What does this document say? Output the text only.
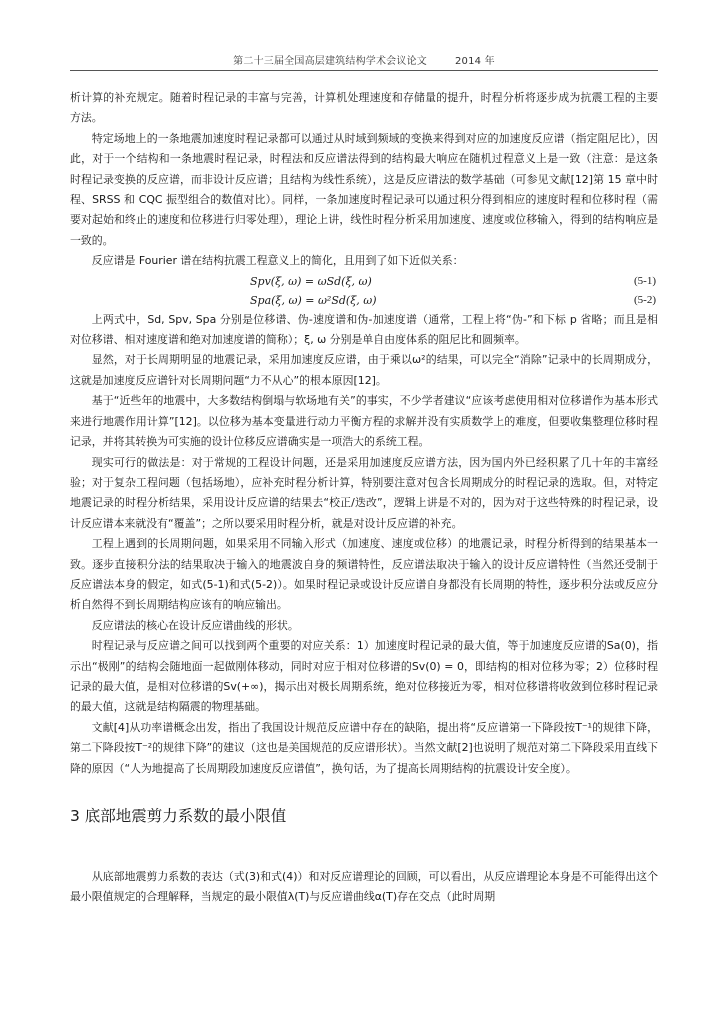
第二十三届全国高层建筑结构学术会议论文	2014 年

析计算的补充规定。随着时程记录的丰富与完善，计算机处理速度和存储量的提升，时程分析将逐步成为抗震工程的主要方法。

特定场地上的一条地震加速度时程记录都可以通过从时域到频域的变换来得到对应的加速度反应谱（指定阻尼比），因此，对于一个结构和一条地震时程记录，时程法和反应谱法得到的结构最大响应在随机过程意义上是一致（注意：是这条时程记录变换的反应谱，而非设计反应谱；且结构为线性系统），这是反应谱法的数学基础（可参见文献[12]第 15 章中时程、SRSS 和 CQC 振型组合的数值对比）。同样，一条加速度时程记录可以通过积分得到相应的速度时程和位移时程（需要对起始和终止的速度和位移进行归零处理），理论上讲，线性时程分析采用加速度、速度或位移输入，得到的结构响应是一致的。

反应谱是 Fourier 谱在结构抗震工程意义上的简化，且用到了如下近似关系：

Spv(ξ, ω) = ωSd(ξ, ω)	(5-1)
Spa(ξ, ω) = ω²Sd(ξ, ω)	(5-2)

上两式中，Sd, Spv, Spa 分别是位移谱、伪-速度谱和伪-加速度谱（通常，工程上将“伪-”和下标 p 省略；而且是相对位移谱、相对速度谱和绝对加速度谱的简称）；ξ, ω 分别是单自由度体系的阻尼比和圆频率。

显然，对于长周期明显的地震记录，采用加速度反应谱，由于乘以ω²的结果，可以完全“消除”记录中的长周期成分，这就是加速度反应谱针对长周期问题“力不从心”的根本原因[12]。

基于“近些年的地震中，大多数结构倒塌与软场地有关”的事实，不少学者建议“应该考虑使用相对位移谱作为基本形式来进行地震作用计算”[12]。以位移为基本变量进行动力平衡方程的求解并没有实质数学上的难度，但要收集整理位移时程记录，并将其转换为可实施的设计位移反应谱确实是一项浩大的系统工程。

现实可行的做法是：对于常规的工程设计问题，还是采用加速度反应谱方法，因为国内外已经积累了几十年的丰富经验；对于复杂工程问题（包括场地），应补充时程分析计算，特别要注意对包含长周期成分的时程记录的选取。但，对特定地震记录的时程分析结果，采用设计反应谱的结果去“校正/迭改”，逻辑上讲是不对的，因为对于这些特殊的时程记录，设计反应谱本来就没有“覆盖”；之所以要采用时程分析，就是对设计反应谱的补充。

工程上遇到的长周期问题，如果采用不同输入形式（加速度、速度或位移）的地震记录，时程分析得到的结果基本一致。逐步直接积分法的结果取决于输入的地震波自身的频谱特性，反应谱法取决于输入的设计反应谱特性（当然还受制于反应谱法本身的假定，如式(5-1)和式(5-2)）。如果时程记录或设计反应谱自身都没有长周期的特性，逐步积分法或反应分析自然得不到长周期结构应该有的响应输出。

反应谱法的核心在设计反应谱曲线的形状。

时程记录与反应谱之间可以找到两个重要的对应关系：1）加速度时程记录的最大值，等于加速度反应谱的Sa(0)，指示出“极刚”的结构会随地面一起做刚体移动，同时对应于相对位移谱的Sv(0) = 0，即结构的相对位移为零；2）位移时程记录的最大值，是相对位移谱的Sv(+∞)，揭示出对极长周期系统，绝对位移接近为零，相对位移谱将收敛到位移时程记录的最大值，这就是结构隔震的物理基础。

文献[4]从功率谱概念出发，指出了我国设计规范反应谱中存在的缺陷，提出将“反应谱第一下降段按T⁻¹的规律下降，第二下降段按T⁻²的规律下降”的建议（这也是美国规范的反应谱形状）。当然文献[2]也说明了规范对第二下降段采用直线下降的原因（“人为地提高了长周期段加速度反应谱值”，换句话，为了提高长周期结构的抗震设计安全度）。

3 底部地震剪力系数的最小限值

从底部地震剪力系数的表达（式(3)和式(4)）和对反应谱理论的回顾，可以看出，从反应谱理论本身是不可能得出这个最小限值规定的合理解释，当规定的最小限值λ(T)与反应谱曲线α(T)存在交点（此时周期
